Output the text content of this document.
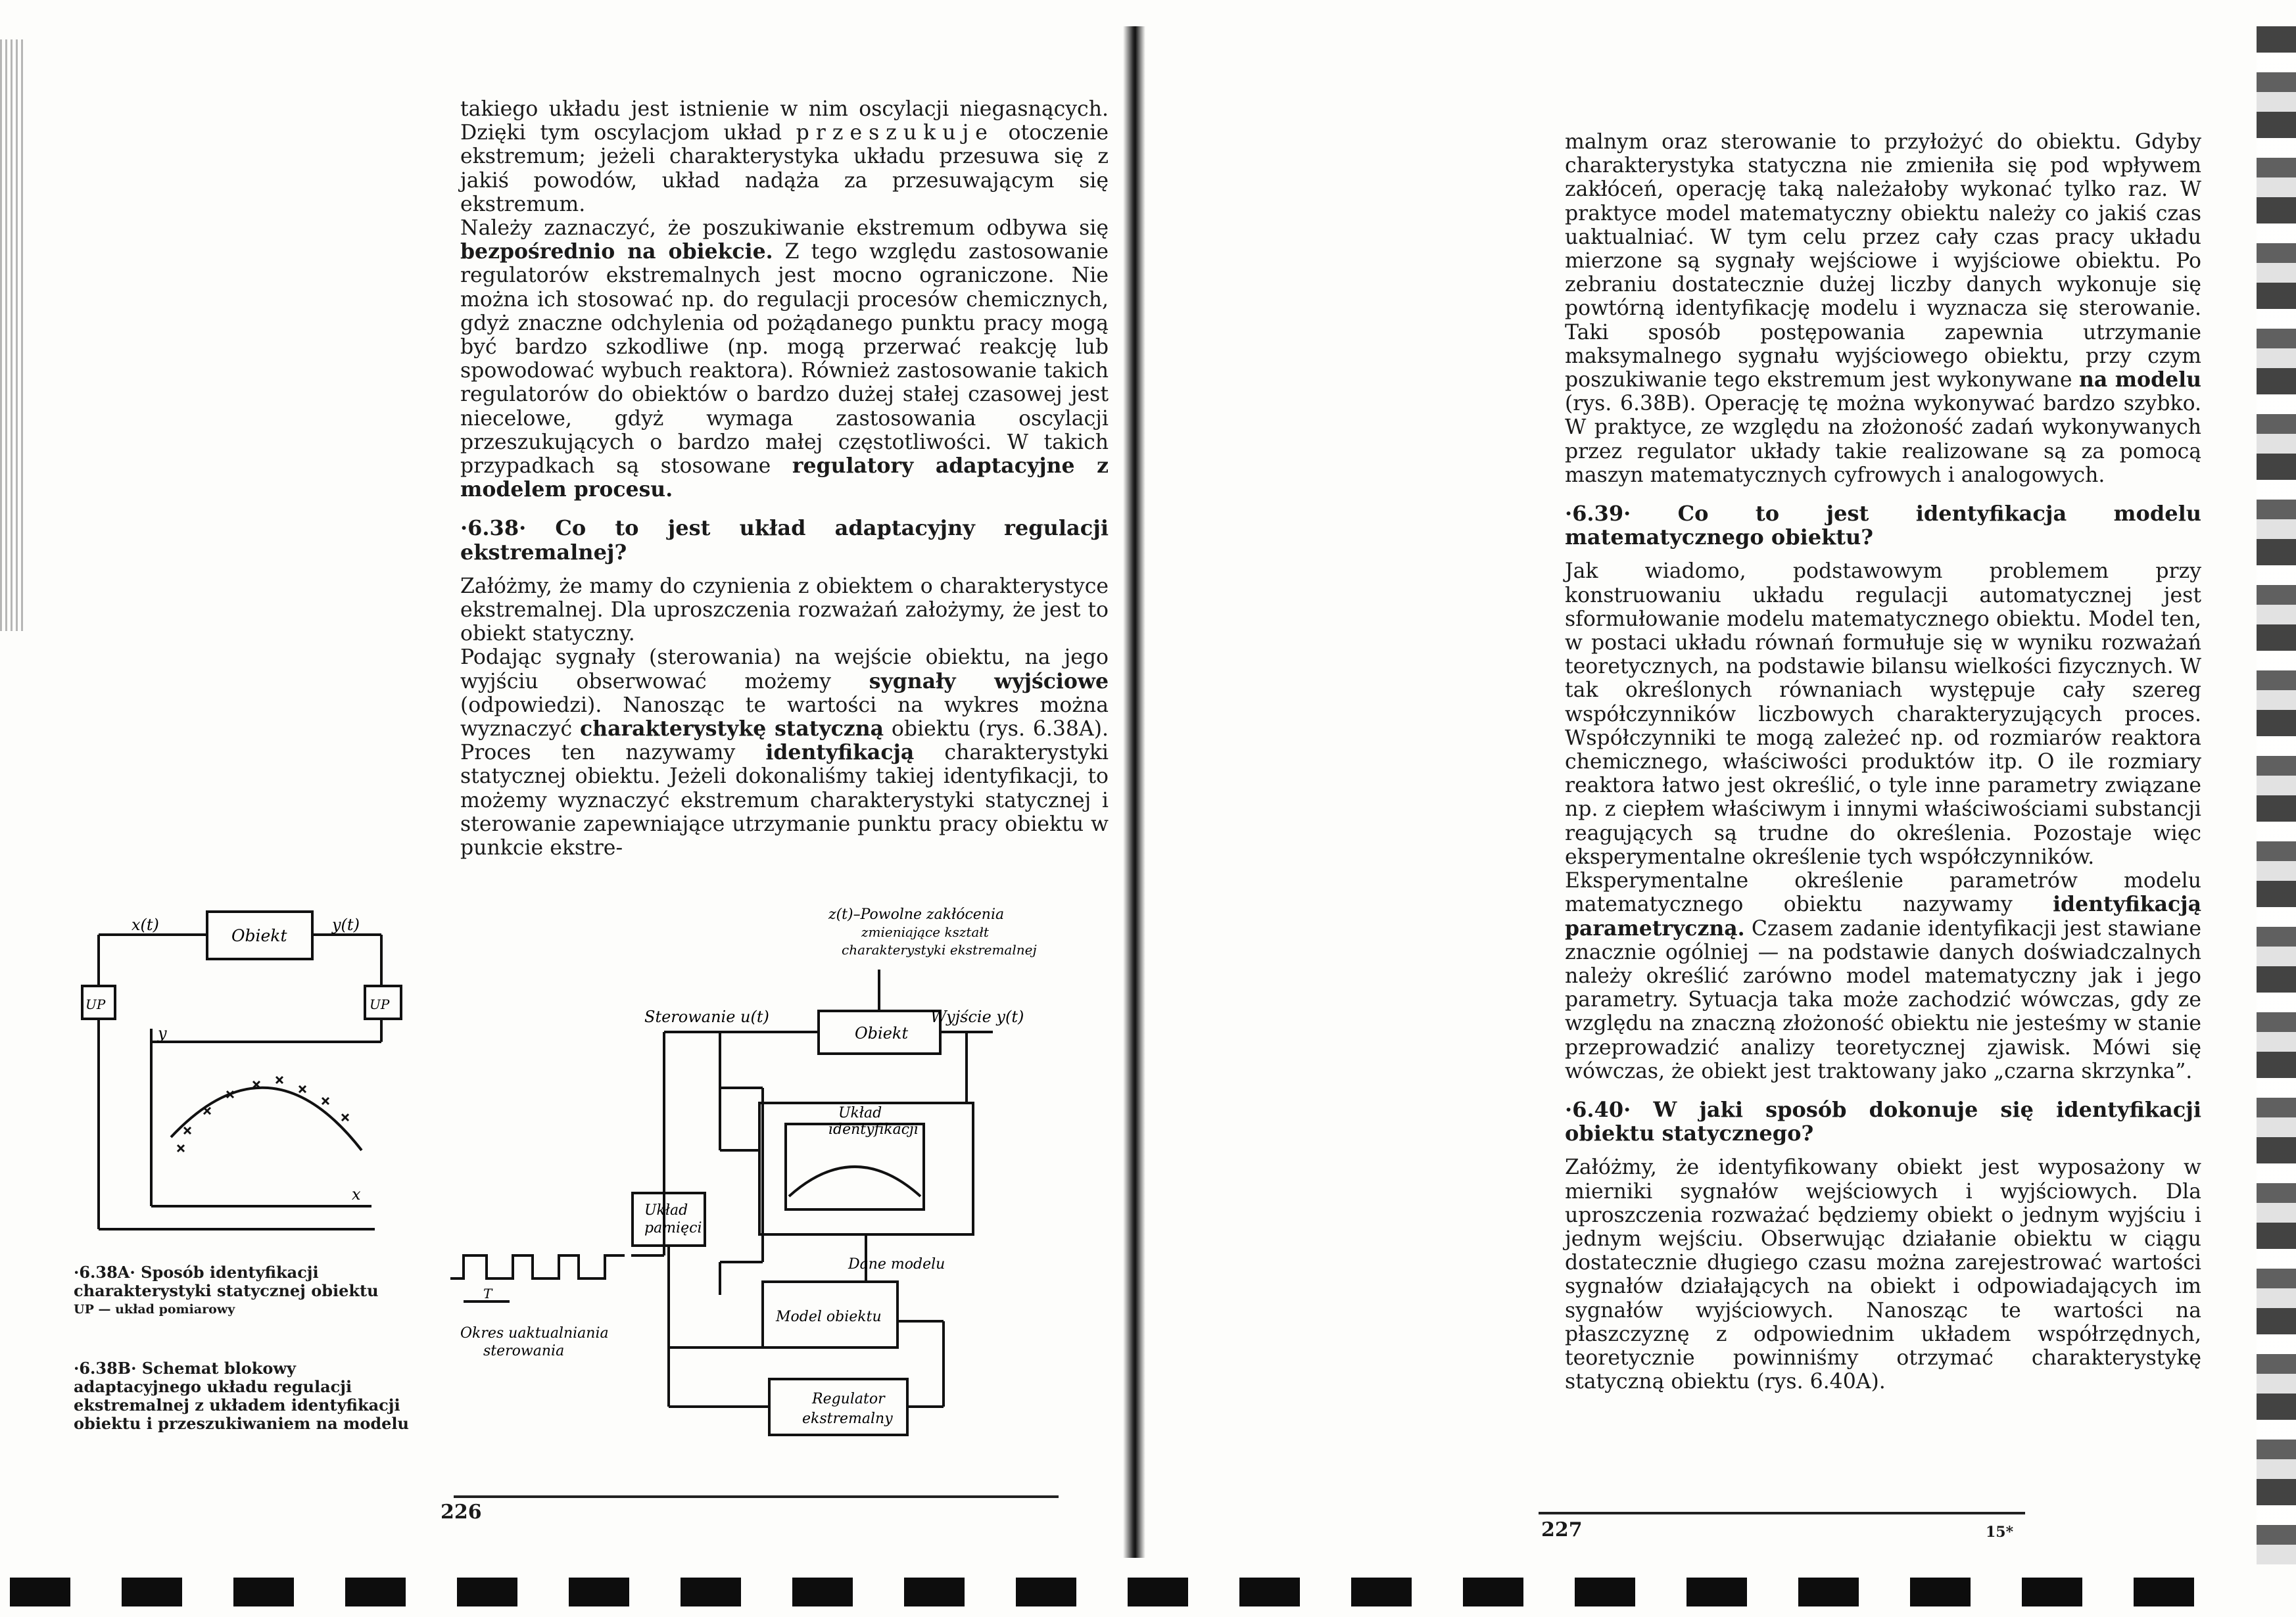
takiego układu jest istnienie w nim oscylacji niegasnących. Dzięki tym oscylacjom układ przeszukuje otoczenie ekstremum; jeżeli charakterystyka układu przesuwa się z jakiś powodów, układ nadąża za przesuwającym się ekstremum.

Należy zaznaczyć, że poszukiwanie ekstremum odbywa się bezpośrednio na obiekcie. Z tego względu zastosowanie regulatorów ekstremalnych jest mocno ograniczone. Nie można ich stosować np. do regulacji procesów chemicznych, gdyż znaczne odchylenia od pożądanego punktu pracy mogą być bardzo szkodliwe (np. mogą przerwać reakcję lub spowodować wybuch reaktora). Również zastosowanie takich regulatorów do obiektów o bardzo dużej stałej czasowej jest niecelowe, gdyż wymaga zastosowania oscylacji przeszukujących o bardzo małej częstotliwości. W takich przypadkach są stosowane regulatory adaptacyjne z modelem procesu.

·6.38· Co to jest układ adaptacyjny regulacji ekstremalnej?

Załóżmy, że mamy do czynienia z obiektem o charakterystyce ekstremalnej. Dla uproszczenia rozważań założymy, że jest to obiekt statyczny.

Podając sygnały (sterowania) na wejście obiektu, na jego wyjściu obserwować możemy sygnały wyjściowe (odpowiedzi). Nanosząc te wartości na wykres można wyznaczyć charakterystykę statyczną obiektu (rys. 6.38A). Proces ten nazywamy identyfikacją charakterystyki statycznej obiektu. Jeżeli dokonaliśmy takiej identyfikacji, to możemy wyznaczyć ekstremum charakterystyki statycznej i sterowanie zapewniające utrzymanie punktu pracy obiektu w punkcie ekstre-

x(t)	y(t)
Obiekt
UP	UP
y
x
·6.38A· Sposób identyfikacji charakterystyki statycznej obiektu
UP — układ pomiarowy
·6.38B· Schemat blokowy adaptacyjnego układu regulacji ekstremalnej z układem identyfikacji obiektu i przeszukiwaniem na modelu
z(t)–Powolne zakłócenia
zmieniające kształt
charakterystyki ekstremalnej
Sterowanie u(t)	Wyjście y(t)
Obiekt
Układ
identyfikacji
Układ
pamięci
Dane modelu
Model obiektu
Regulator
ekstremalny
Okres uaktualniania
sterowania
T
226

malnym oraz sterowanie to przyłożyć do obiektu. Gdyby charakterystyka statyczna nie zmieniła się pod wpływem zakłóceń, operację taką należałoby wykonać tylko raz. W praktyce model matematyczny obiektu należy co jakiś czas uaktualniać. W tym celu przez cały czas pracy układu mierzone są sygnały wejściowe i wyjściowe obiektu. Po zebraniu dostatecznie dużej liczby danych wykonuje się powtórną identyfikację modelu i wyznacza się sterowanie. Taki sposób postępowania zapewnia utrzymanie maksymalnego sygnału wyjściowego obiektu, przy czym poszukiwanie tego ekstremum jest wykonywane na modelu (rys. 6.38B). Operację tę można wykonywać bardzo szybko. W praktyce, ze względu na złożoność zadań wykonywanych przez regulator układy takie realizowane są za pomocą maszyn matematycznych cyfrowych i analogowych.

·6.39· Co to jest identyfikacja modelu matematycznego obiektu?

Jak wiadomo, podstawowym problemem przy konstruowaniu układu regulacji automatycznej jest sformułowanie modelu matematycznego obiektu. Model ten, w postaci układu równań formułuje się w wyniku rozważań teoretycznych, na podstawie bilansu wielkości fizycznych. W tak określonych równaniach występuje cały szereg współczynników liczbowych charakteryzujących proces. Współczynniki te mogą zależeć np. od rozmiarów reaktora chemicznego, właściwości produktów itp. O ile rozmiary reaktora łatwo jest określić, o tyle inne parametry związane np. z ciepłem właściwym i innymi właściwościami substancji reagujących są trudne do określenia. Pozostaje więc eksperymentalne określenie tych współczynników.

Eksperymentalne określenie parametrów modelu matematycznego obiektu nazywamy identyfikacją parametryczną. Czasem zadanie identyfikacji jest stawiane znacznie ogólniej — na podstawie danych doświadczalnych należy określić zarówno model matematyczny jak i jego parametry. Sytuacja taka może zachodzić wówczas, gdy ze względu na znaczną złożoność obiektu nie jesteśmy w stanie przeprowadzić analizy teoretycznej zjawisk. Mówi się wówczas, że obiekt jest traktowany jako „czarna skrzynka”.

·6.40· W jaki sposób dokonuje się identyfikacji obiektu statycznego?

Załóżmy, że identyfikowany obiekt jest wyposażony w mierniki sygnałów wejściowych i wyjściowych. Dla uproszczenia rozważać będziemy obiekt o jednym wyjściu i jednym wejściu. Obserwując działanie obiektu w ciągu dostatecznie długiego czasu można zarejestrować wartości sygnałów działających na obiekt i odpowiadających im sygnałów wyjściowych. Nanosząc te wartości na płaszczyznę z odpowiednim układem współrzędnych, teoretycznie powinniśmy otrzymać charakterystykę statyczną obiektu (rys. 6.40A).

227	15*
